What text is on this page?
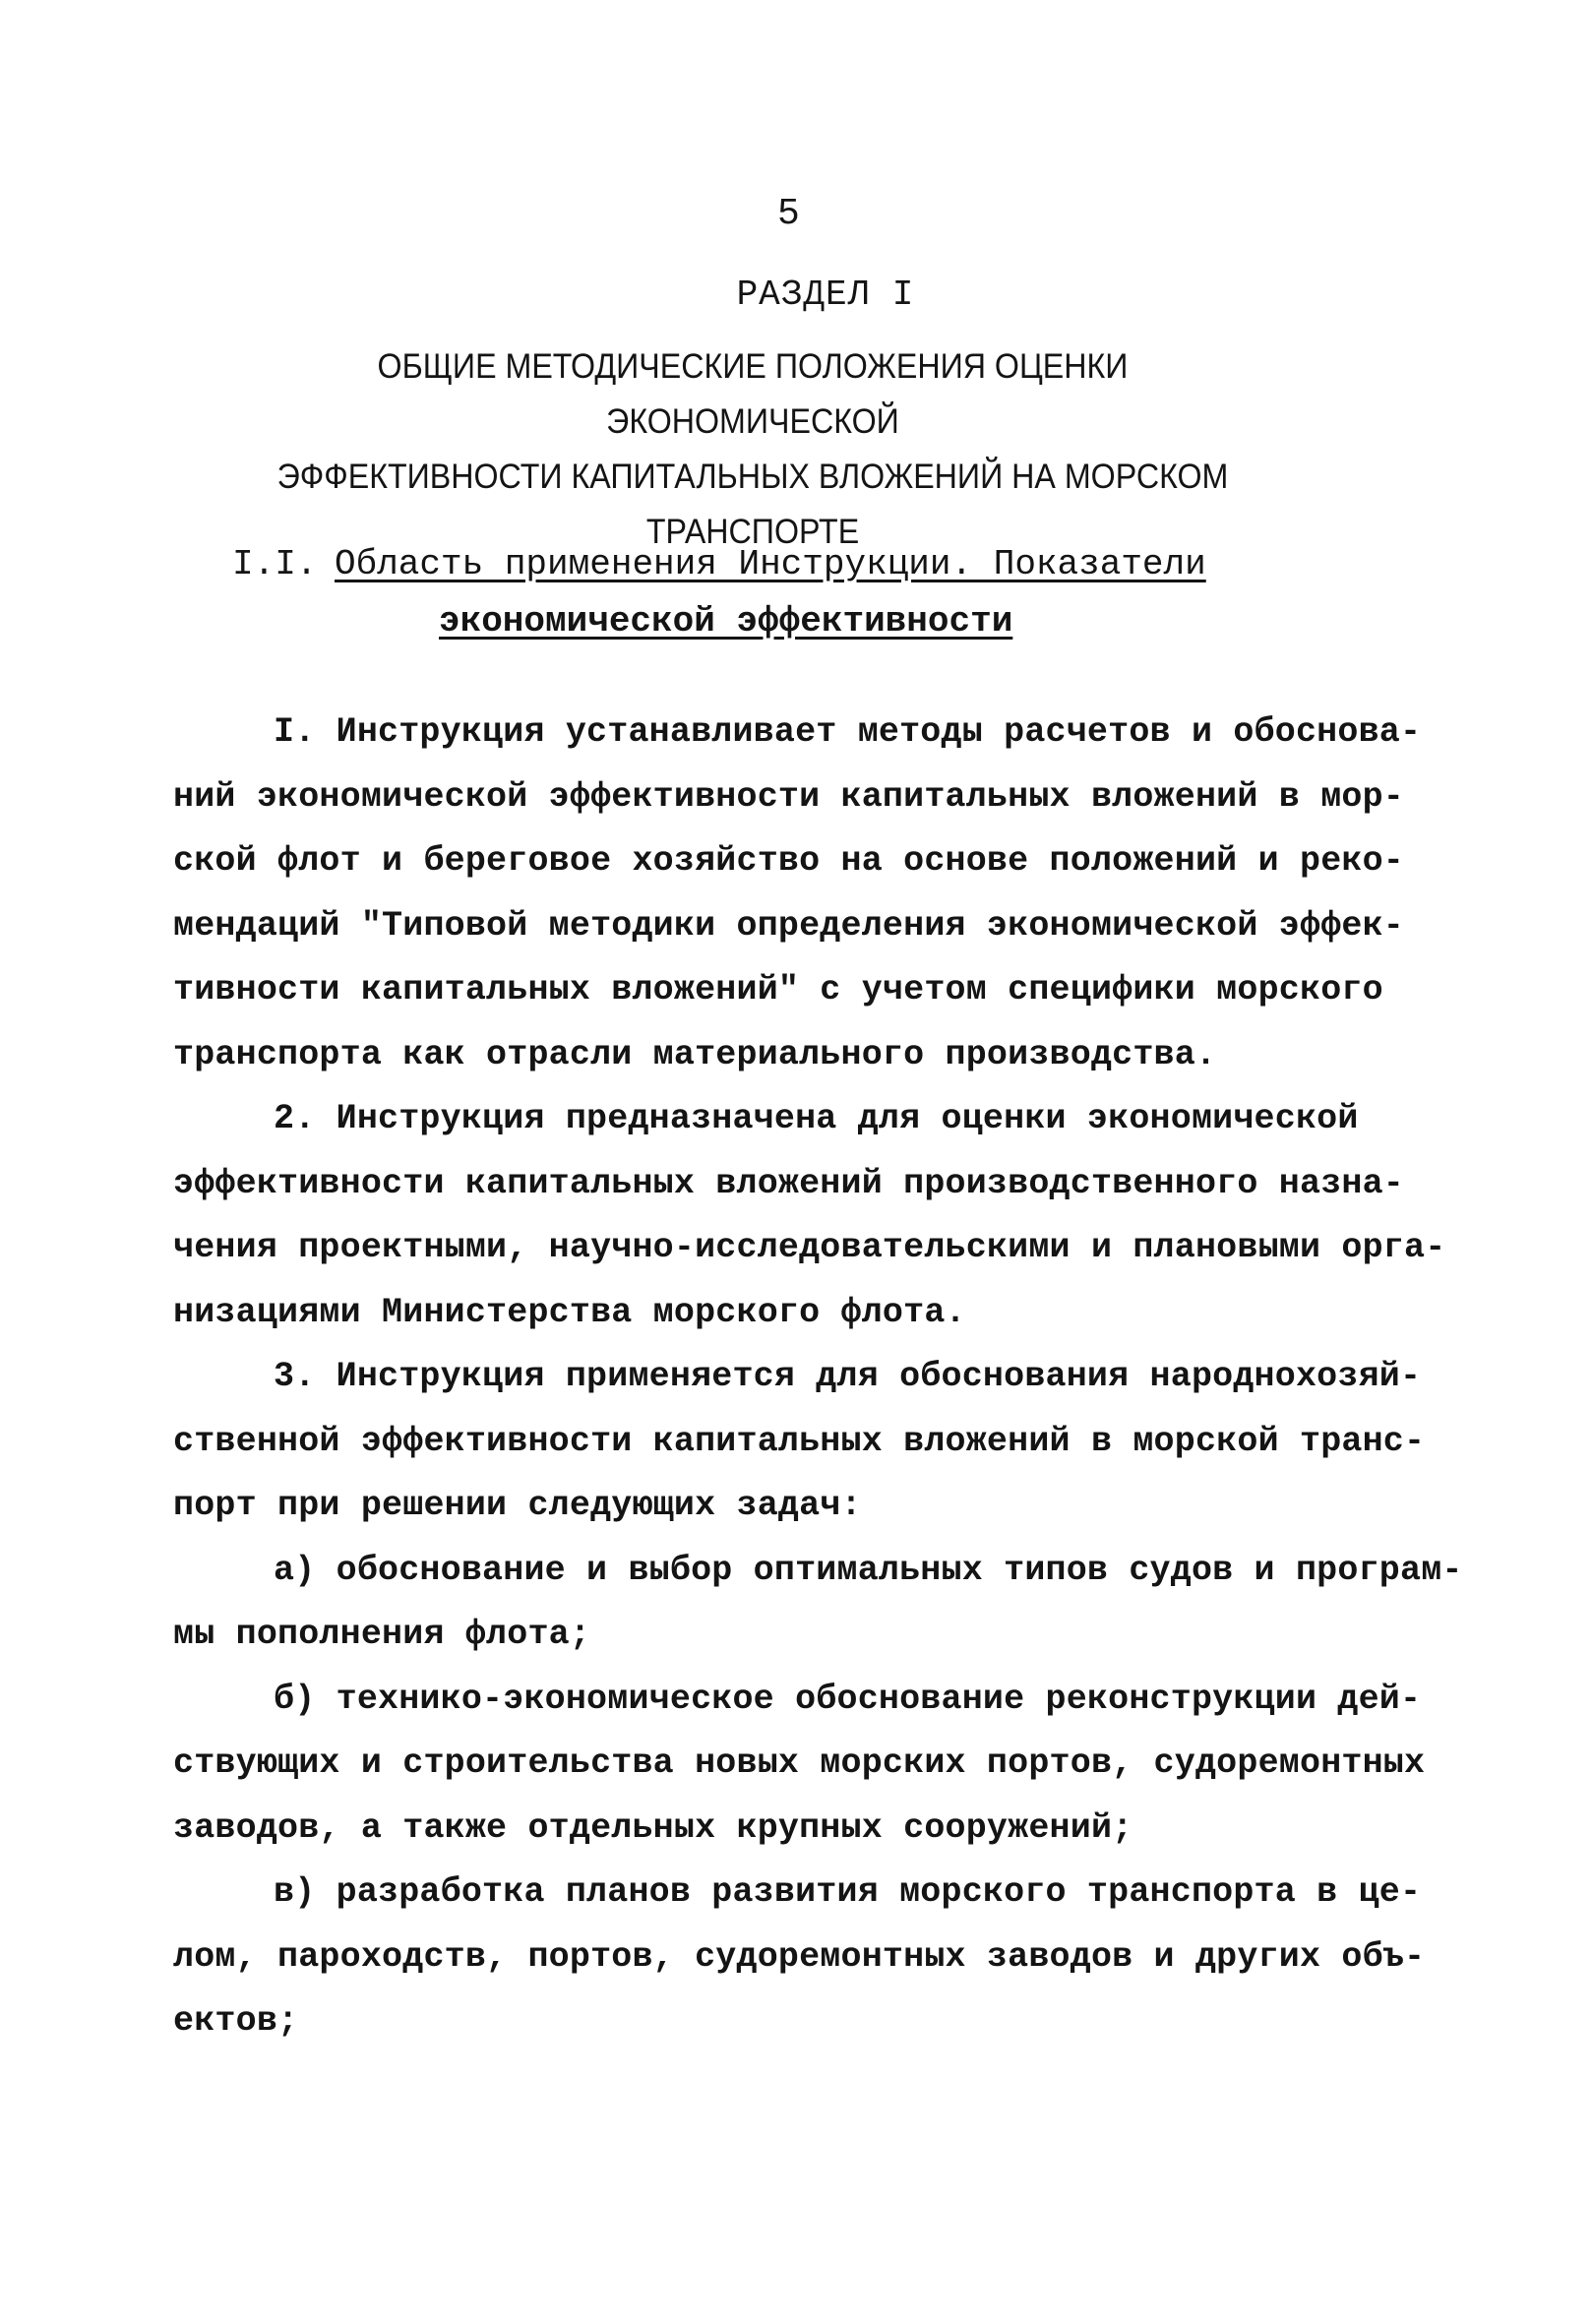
5
РАЗДЕЛ I
ОБЩИЕ МЕТОДИЧЕСКИЕ ПОЛОЖЕНИЯ ОЦЕНКИ ЭКОНОМИЧЕСКОЙ
ЭФФЕКТИВНОСТИ КАПИТАЛЬНЫХ ВЛОЖЕНИЙ НА МОРСКОМ
ТРАНСПОРТЕ
I.I. Область применения Инструкции. Показатели
экономической эффективности
I. Инструкция устанавливает методы расчетов и обоснова-
ний экономической эффективности капитальных вложений в мор-
ской флот и береговое хозяйство на основе положений и реко-
мендаций "Типовой методики определения экономической эффек-
тивности капитальных вложений" с учетом специфики морского
транспорта как отрасли материального производства.
2. Инструкция предназначена для оценки экономической
эффективности капитальных вложений производственного назна-
чения проектными, научно-исследовательскими и плановыми орга-
низациями Министерства морского флота.
3. Инструкция применяется для обоснования народнохозяй-
ственной эффективности капитальных вложений в морской транс-
порт при решении следующих задач:
а) обоснование и выбор оптимальных типов судов и програм-
мы пополнения флота;
б) технико-экономическое обоснование реконструкции дей-
ствующих и строительства новых морских портов, судоремонтных
заводов, а также отдельных крупных сооружений;
в) разработка планов развития морского транспорта в це-
лом, пароходств, портов, судоремонтных заводов и других объ-
ектов;
